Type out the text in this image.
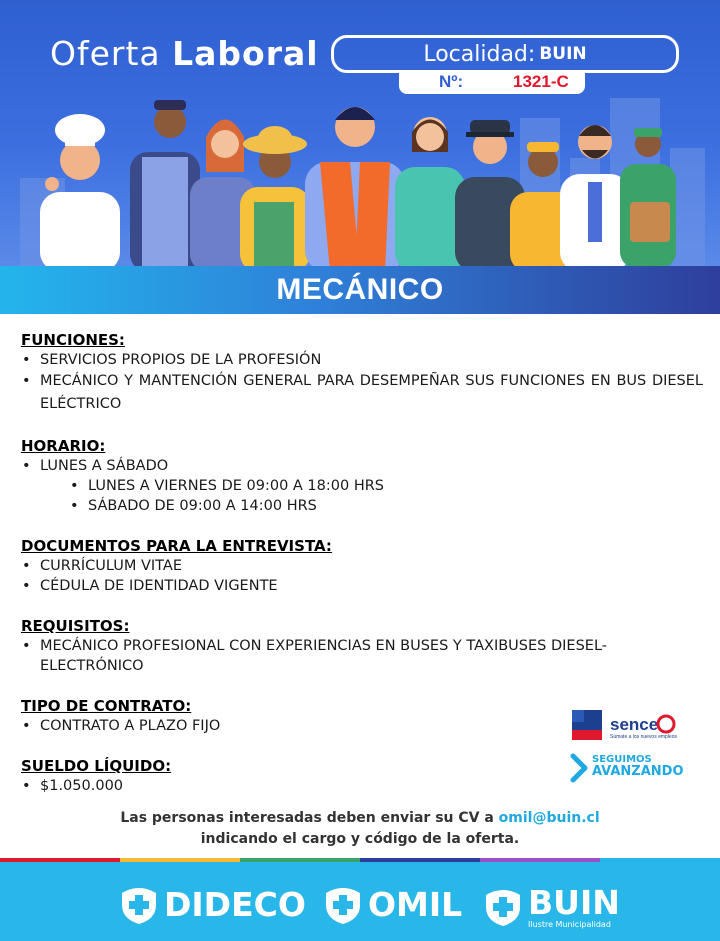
Oferta Laboral	Localidad: BUIN
Nº:	1321-C
MECÁNICO
FUNCIONES:
• SERVICIOS PROPIOS DE LA PROFESIÓN
• MECÁNICO Y MANTENCIÓN GENERAL PARA DESEMPEÑAR SUS FUNCIONES EN BUS DIESEL ELÉCTRICO
HORARIO:
• LUNES A SÁBADO
• LUNES A VIERNES DE 09:00 A 18:00 HRS
• SÁBADO DE 09:00 A 14:00 HRS
DOCUMENTOS PARA LA ENTREVISTA:
• CURRÍCULUM VITAE
• CÉDULA DE IDENTIDAD VIGENTE
REQUISITOS:
• MECÁNICO PROFESIONAL CON EXPERIENCIAS EN BUSES Y TAXIBUSES DIESEL-ELECTRÓNICO
TIPO DE CONTRATO:
• CONTRATO A PLAZO FIJO
SUELDO LÍQUIDO:
• $1.050.000
sence
Súmate a los nuevos empleos
SEGUIMOS
AVANZANDO
Las personas interesadas deben enviar su CV a omil@buin.cl
indicando el cargo y código de la oferta.
DIDECO OMIL BUIN
Ilustre Municipalidad
